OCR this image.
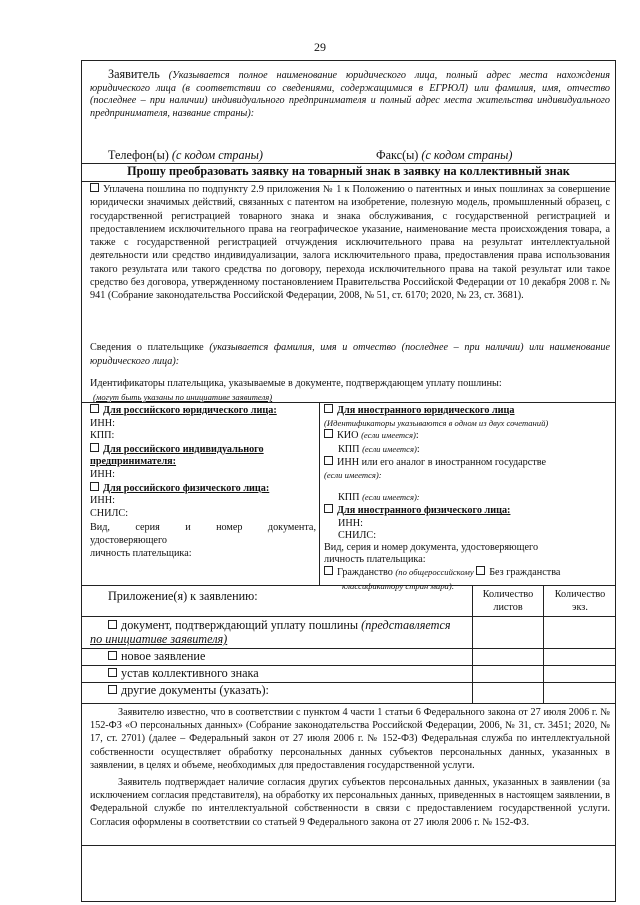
29
Заявитель (Указывается полное наименование юридического лица, полный адрес места нахождения юридического лица (в соответствии со сведениями, содержащимися в ЕГРЮЛ) или фамилия, имя, отчество (последнее – при наличии) индивидуального предпринимателя и полный адрес места жительства индивидуального предпринимателя, название страны):
Телефон(ы) (с кодом страны)	Факс(ы) (с кодом страны)
Прошу преобразовать заявку на товарный знак в заявку на коллективный знак
Уплачена пошлина по подпункту 2.9 приложения № 1 к Положению о патентных и иных пошлинах за совершение юридически значимых действий, связанных с патентом на изобретение, полезную модель, промышленный образец, с государственной регистрацией товарного знака и знака обслуживания, с государственной регистрацией и предоставлением исключительного права на географическое указание, наименование места происхождения товара, а также с государственной регистрацией отчуждения исключительного права на результат интеллектуальной деятельности или средство индивидуализации, залога исключительного права, предоставления права использования такого результата или такого средства по договору, перехода исключительного права на такой результат или такое средство без договора, утвержденному постановлением Правительства Российской Федерации от 10 декабря 2008 г. № 941 (Собрание законодательства Российской Федерации, 2008, № 51, ст. 6170; 2020, № 23, ст. 3681).
Сведения о плательщике (указывается фамилия, имя и отчество (последнее – при наличии) или наименование юридического лица):
Идентификаторы плательщика, указываемые в документе, подтверждающем уплату пошлины:
(могут быть указаны по инициативе заявителя)
Для российского юридического лица:
ИНН:
КПП:
Для российского индивидуального
предпринимателя:
ИНН:
Для российского физического лица:
ИНН:
СНИЛС:
Вид, серия и номер документа,
удостоверяющего
личность плательщика:
Для иностранного юридического лица
(Идентификаторы указываются в одном из двух сочетаний)
КИО (если имеется):
КПП (если имеется):
ИНН или его аналог в иностранном государстве
(если имеется):
КПП (если имеется):
Для иностранного физического лица:
ИНН:
СНИЛС:
Вид, серия и номер документа, удостоверяющего
личность плательщика:
Гражданство (по общероссийскому Без гражданства
классификатору стран мира):
Приложение(я) к заявлению:	Количество
листов
Количество
экз.
документ, подтверждающий уплату пошлины (представляется
по инициативе заявителя)
новое заявление
устав коллективного знака
другие документы (указать):
Заявителю известно, что в соответствии с пунктом 4 части 1 статьи 6 Федерального закона от 27 июля 2006 г. № 152-ФЗ «О персональных данных» (Собрание законодательства Российской Федерации, 2006, № 31, ст. 3451; 2020, № 17, ст. 2701) (далее – Федеральный закон от 27 июля 2006 г. № 152-ФЗ) Федеральная служба по интеллектуальной собственности осуществляет обработку персональных данных субъектов персональных данных, указанных в заявлении, в целях и объеме, необходимых для предоставления государственной услуги.
Заявитель подтверждает наличие согласия других субъектов персональных данных, указанных в заявлении (за исключением согласия представителя), на обработку их персональных данных, приведенных в настоящем заявлении, в Федеральной службе по интеллектуальной собственности в связи с предоставлением государственной услуги. Согласия оформлены в соответствии со статьей 9 Федерального закона от 27 июля 2006 г. № 152-ФЗ.
